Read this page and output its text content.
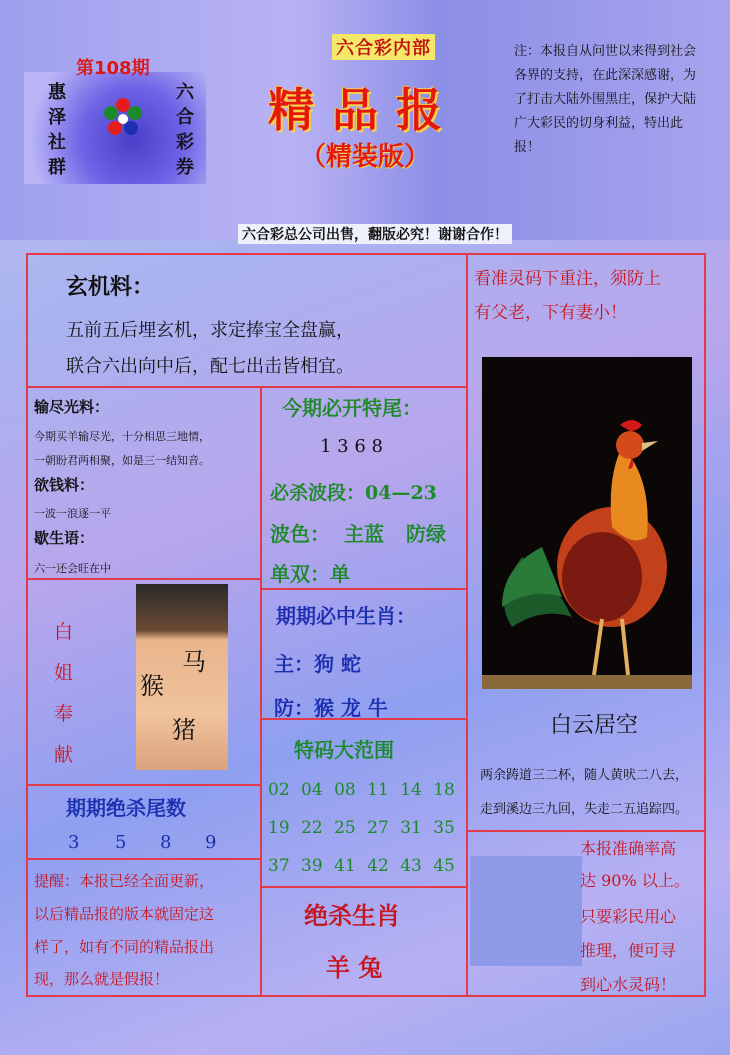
第108期
惠
泽
社
群
六
合
彩
券
六合彩内部
精品报
（精装版）
注：本报自从问世以来得到社会各界的支持，在此深深感谢，为了打击大陆外围黑庄，保护大陆广大彩民的切身利益，特出此报！
六合彩总公司出售，翻版必究！谢谢合作！
玄机料：
五前五后埋玄机，求定捧宝全盘赢，
联合六出向中后，配七出击皆相宜。
看准灵码下重注，须防上
有父老，下有妻小！
输尽光料：
今期买羊输尽光，十分相思三地情，
一朝盼君两相聚，如是三一结知音。
欲钱料：
一波一浪逐一平
歇生语：
六一还会旺在中
今期必开特尾：
1 3 6 8
必杀波段：04—23
波色： 主蓝 防绿
单双：单
期期必中生肖：
主：狗 蛇
防：猴 龙 牛
白
姐
奉
献
猴
马
猪
期期绝杀尾数
3 5 8 9
特码大范围
02 04 08 11 14 18
19 22 25 27 31 35
37 39 41 42 43 45
提醒：本报已经全面更新，
以后精品报的版本就固定这
样了，如有不同的精品报出
现，那么就是假报！
绝杀生肖
羊 兔
白云居空
两余踌道三二杯，随人黄吠二八去，
走到溪边三九回，失走二五追踪四。
本报准确率高
达 90% 以上。
只要彩民用心
推理，便可寻
到心水灵码！
